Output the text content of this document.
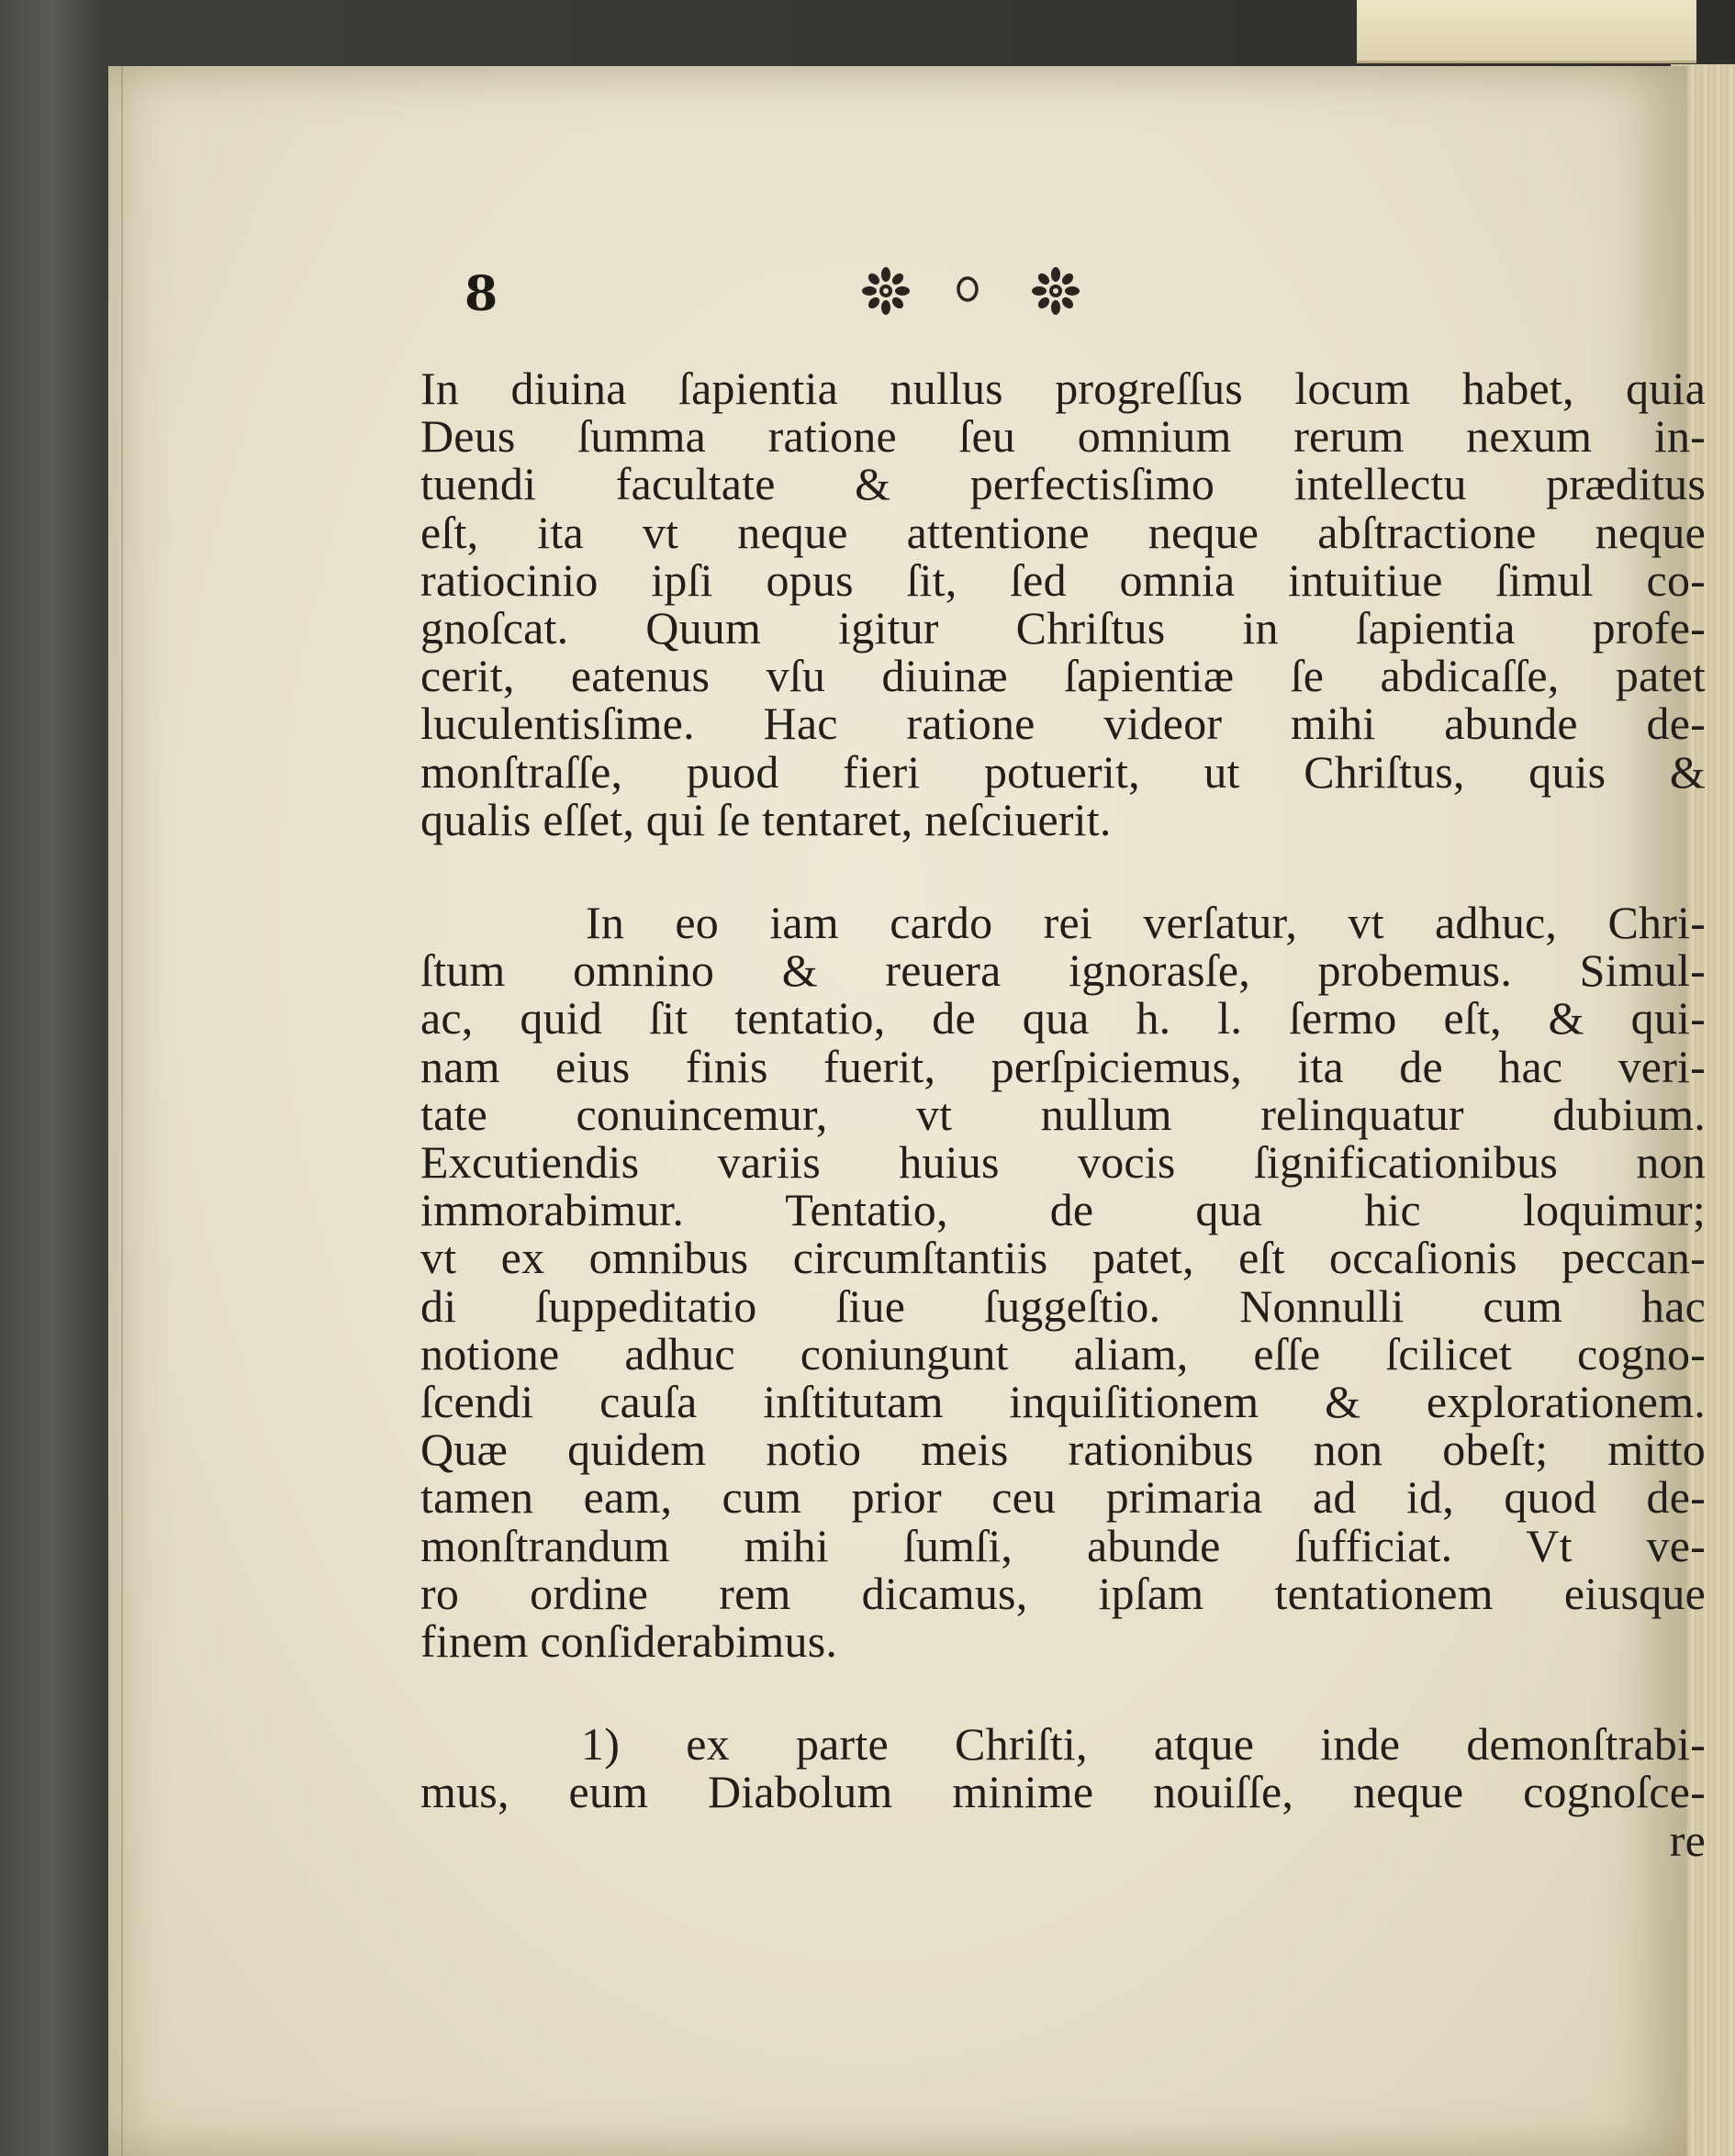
8
In diuina ſapientia nullus progreſſus locum habet, quia
Deus ſumma ratione ſeu omnium rerum nexum in-
tuendi facultate & perfectisſimo intellectu præditus
eſt, ita vt neque attentione neque abſtractione neque
ratiocinio ipſi opus ſit, ſed omnia intuitiue ſimul co-
gnoſcat. Quum igitur Chriſtus in ſapientia profe-
cerit, eatenus vſu diuinæ ſapientiæ ſe abdicaſſe, patet
luculentisſime. Hac ratione videor mihi abunde de-
monſtraſſe, puod fieri potuerit, ut Chriſtus, quis &
qualis eſſet, qui ſe tentaret, neſciuerit.
In eo iam cardo rei verſatur, vt adhuc, Chri-
ſtum omnino & reuera ignorasſe, probemus. Simul-
ac, quid ſit tentatio, de qua h. l. ſermo eſt, & qui-
nam eius finis fuerit, perſpiciemus, ita de hac veri-
tate conuincemur, vt nullum relinquatur dubium.
Excutiendis variis huius vocis ſignificationibus non
immorabimur. Tentatio, de qua hic loquimur;
vt ex omnibus circumſtantiis patet, eſt occaſionis peccan-
di ſuppeditatio ſiue ſuggeſtio. Nonnulli cum hac
notione adhuc coniungunt aliam, eſſe ſcilicet cogno-
ſcendi cauſa inſtitutam inquiſitionem & explorationem.
Quæ quidem notio meis rationibus non obeſt; mitto
tamen eam, cum prior ceu primaria ad id, quod de-
monſtrandum mihi ſumſi, abunde ſufficiat. Vt ve-
ro ordine rem dicamus, ipſam tentationem eiusque
finem conſiderabimus.
1) ex parte Chriſti, atque inde demonſtrabi-
mus, eum Diabolum minime nouiſſe, neque cognoſce-
re
